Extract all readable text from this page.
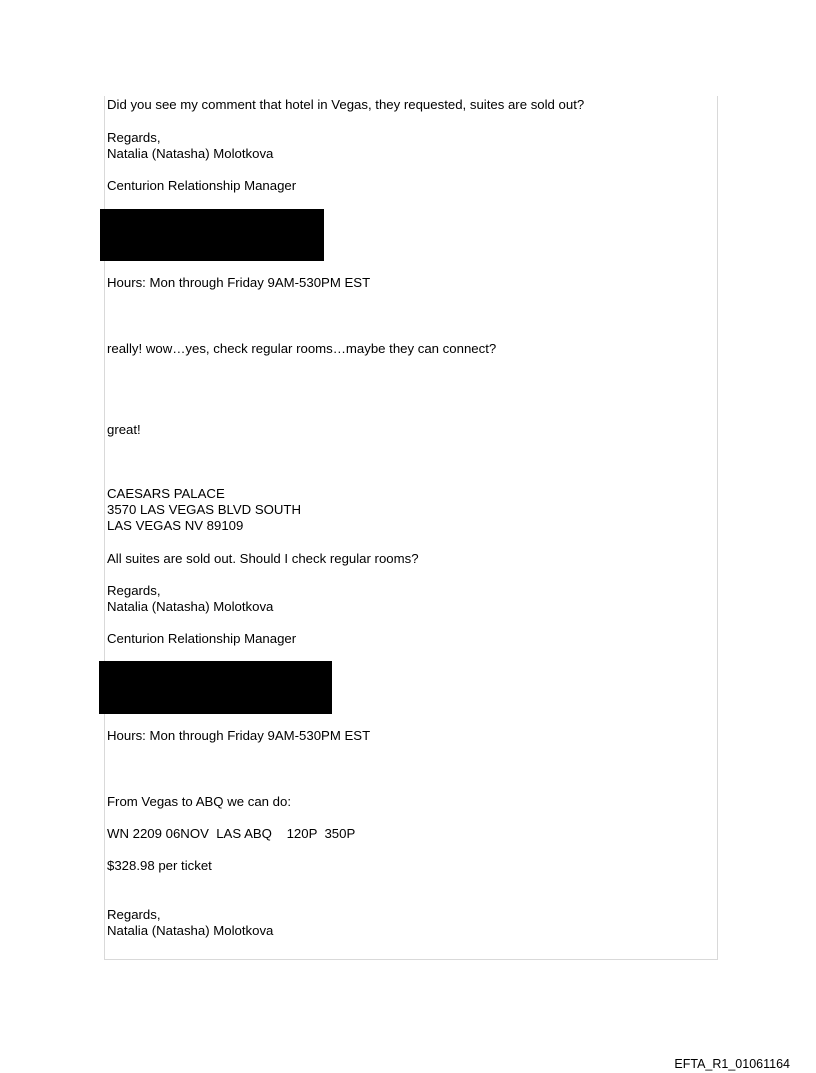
Did you see my comment that hotel in Vegas, they requested, suites are sold out?
Regards,
Natalia (Natasha) Molotkova
Centurion Relationship Manager
Hours: Mon through Friday 9AM-530PM EST
really! wow…yes, check regular rooms…maybe they can connect?
great!
CAESARS PALACE
3570 LAS VEGAS BLVD SOUTH
LAS VEGAS NV 89109
All suites are sold out. Should I check regular rooms?
Regards,
Natalia (Natasha) Molotkova
Centurion Relationship Manager
Hours: Mon through Friday 9AM-530PM EST
From Vegas to ABQ we can do:
WN 2209 06NOV  LAS ABQ    120P  350P
$328.98 per ticket
Regards,
Natalia (Natasha) Molotkova
EFTA_R1_01061164
